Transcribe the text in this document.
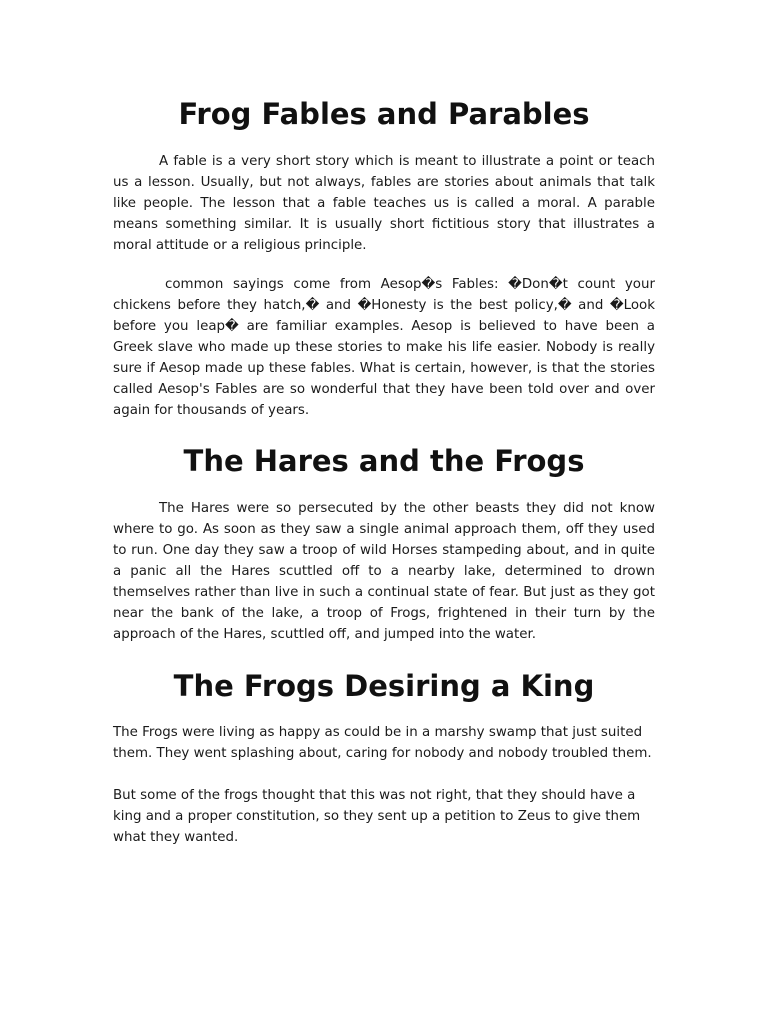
Frog Fables and Parables

A fable is a very short story which is meant to illustrate a point or teach us a lesson. Usually, but not always, fables are stories about animals that talk like people. The lesson that a fable teaches us is called a moral. A parable means something similar. It is usually short fictitious story that illustrates a moral attitude or a religious principle.

common sayings come from Aesop�s Fables: �Don�t count your chickens before they hatch,� and �Honesty is the best policy,� and �Look before you leap� are familiar examples. Aesop is believed to have been a Greek slave who made up these stories to make his life easier. Nobody is really sure if Aesop made up these fables. What is certain, however, is that the stories called Aesop's Fables are so wonderful that they have been told over and over again for thousands of years.

The Hares and the Frogs

The Hares were so persecuted by the other beasts they did not know where to go. As soon as they saw a single animal approach them, off they used to run. One day they saw a troop of wild Horses stampeding about, and in quite a panic all the Hares scuttled off to a nearby lake, determined to drown themselves rather than live in such a continual state of fear. But just as they got near the bank of the lake, a troop of Frogs, frightened in their turn by the approach of the Hares, scuttled off, and jumped into the water.

The Frogs Desiring a King

The Frogs were living as happy as could be in a marshy swamp that just suited them. They went splashing about, caring for nobody and nobody troubled them.

But some of the frogs thought that this was not right, that they should have a king and a proper constitution, so they sent up a petition to Zeus to give them what they wanted.
